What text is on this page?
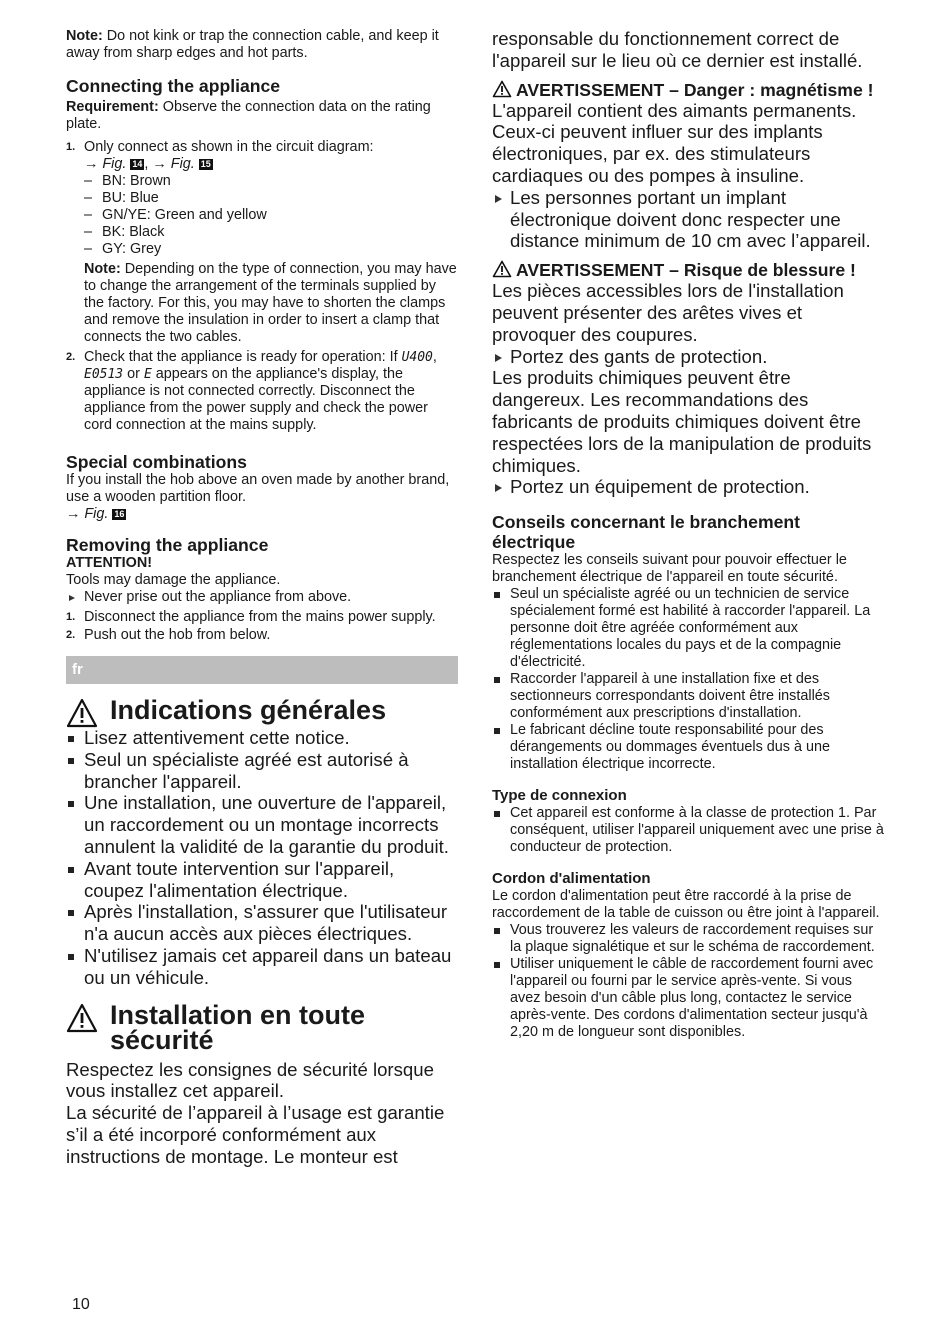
Note: Do not kink or trap the connection cable, and keep it away from sharp edges and hot parts.

Connecting the appliance

Requirement: Observe the connection data on the rating plate.

1. Only connect as shown in the circuit diagram:
→ Fig. 14 , → Fig. 15
– BN: Brown
– BU: Blue
– GN/YE: Green and yellow
– BK: Black
– GY: Grey

Note: Depending on the type of connection, you may have to change the arrangement of the terminals supplied by the factory. For this, you may have to shorten the clamps and remove the insulation in order to insert a clamp that connects the two cables.

2. Check that the appliance is ready for operation: If U400, E0513 or E appears on the appliance's display, the appliance is not connected correctly. Disconnect the appliance from the power supply and check the power cord connection at the mains supply.

Special combinations

If you install the hob above an oven made by another brand, use a wooden partition floor.

→ Fig. 16

Removing the appliance

ATTENTION!

Tools may damage the appliance.

Never prise out the appliance from above.
1. Disconnect the appliance from the mains power supply.
2. Push out the hob from below.
fr
Indications générales
Lisez attentivement cette notice.
Seul un spécialiste agréé est autorisé à brancher l'appareil.
Une installation, une ouverture de l'appareil, un raccordement ou un montage incorrects annulent la validité de la garantie du produit.
Avant toute intervention sur l'appareil, coupez l'alimentation électrique.
Après l'installation, s'assurer que l'utilisateur n'a aucun accès aux pièces électriques.
N'utilisez jamais cet appareil dans un bateau ou un véhicule.
Installation en toute sécurité

Respectez les consignes de sécurité lorsque vous installez cet appareil.

La sécurité de l’appareil à l’usage est garantie s’il a été incorporé conformément aux instructions de montage. Le monteur est

responsable du fonctionnement correct de l'appareil sur le lieu où ce dernier est installé.

AVERTISSEMENT – Danger : magnétisme !

L'appareil contient des aimants permanents. Ceux-ci peuvent influer sur des implants électroniques, par ex. des stimulateurs cardiaques ou des pompes à insuline.

Les personnes portant un implant électronique doivent donc respecter une distance minimum de 10 cm avec l’appareil.

AVERTISSEMENT – Risque de blessure !

Les pièces accessibles lors de l'installation peuvent présenter des arêtes vives et provoquer des coupures.

Portez des gants de protection.

Les produits chimiques peuvent être dangereux. Les recommandations des fabricants de produits chimiques doivent être respectées lors de la manipulation de produits chimiques.

Portez un équipement de protection.

Conseils concernant le branchement électrique

Respectez les conseils suivant pour pouvoir effectuer le branchement électrique de l'appareil en toute sécurité.

Seul un spécialiste agréé ou un technicien de service spécialement formé est habilité à raccorder l'appareil. La personne doit être agréée conformément aux réglementations locales du pays et de la compagnie d'électricité.
Raccorder l'appareil à une installation fixe et des sectionneurs correspondants doivent être installés conformément aux prescriptions d'installation.
Le fabricant décline toute responsabilité pour des dérangements ou dommages éventuels dus à une installation électrique incorrecte.

Type de connexion

Cet appareil est conforme à la classe de protection 1. Par conséquent, utiliser l'appareil uniquement avec une prise à conducteur de protection.

Cordon d'alimentation

Le cordon d'alimentation peut être raccordé à la prise de raccordement de la table de cuisson ou être joint à l'appareil.

Vous trouverez les valeurs de raccordement requises sur la plaque signalétique et sur le schéma de raccordement.
Utiliser uniquement le câble de raccordement fourni avec l'appareil ou fourni par le service après-vente. Si vous avez besoin d'un câble plus long, contactez le service après-vente. Des cordons d'alimentation secteur jusqu'à 2,20 m de longueur sont disponibles.
10
